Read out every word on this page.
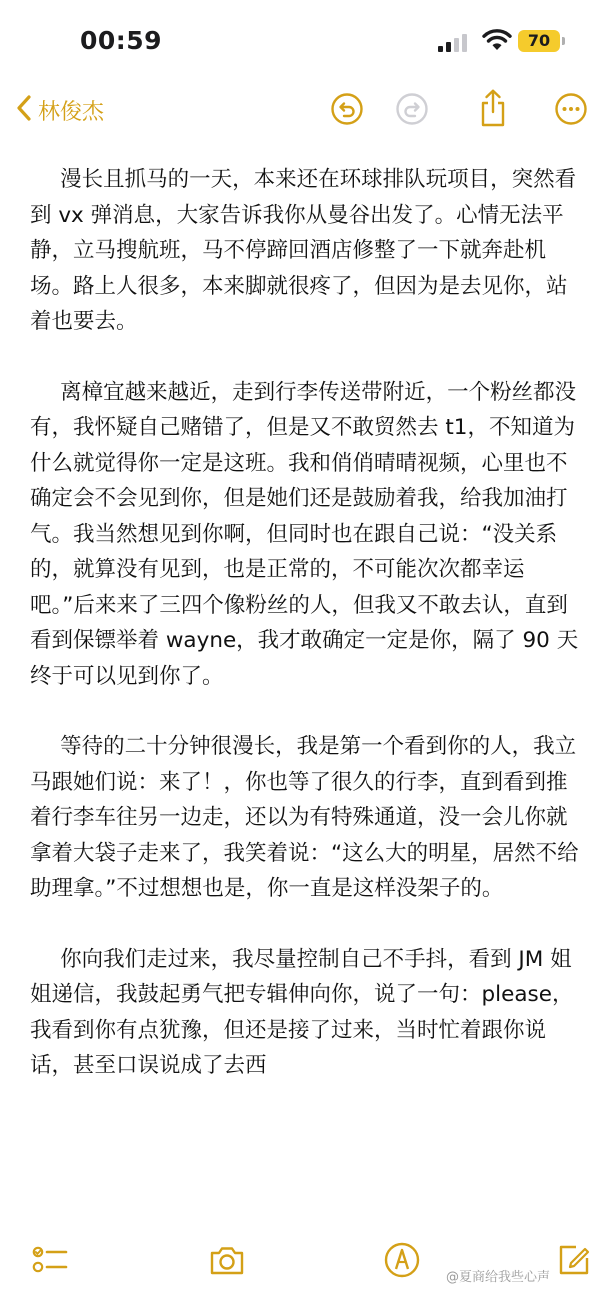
00:59	70
林俊杰

漫长且抓马的一天，本来还在环球排队玩项目，突然看到 vx 弹消息，大家告诉我你从曼谷出发了。心情无法平静，立马搜航班，马不停蹄回酒店修整了一下就奔赴机场。路上人很多，本来脚就很疼了，但因为是去见你，站着也要去。

离樟宜越来越近，走到行李传送带附近，一个粉丝都没有，我怀疑自己赌错了，但是又不敢贸然去 t1，不知道为什么就觉得你一定是这班。我和俏俏晴晴视频，心里也不确定会不会见到你，但是她们还是鼓励着我，给我加油打气。我当然想见到你啊，但同时也在跟自己说：“没关系的，就算没有见到，也是正常的，不可能次次都幸运吧。”后来来了三四个像粉丝的人，但我又不敢去认，直到看到保镖举着 wayne，我才敢确定一定是你，隔了 90 天终于可以见到你了。

等待的二十分钟很漫长，我是第一个看到你的人，我立马跟她们说：来了！，你也等了很久的行李，直到看到推着行李车往另一边走，还以为有特殊通道，没一会儿你就拿着大袋子走来了，我笑着说：“这么大的明星，居然不给助理拿。”不过想想也是，你一直是这样没架子的。

你向我们走过来，我尽量控制自己不手抖，看到 JM 姐姐递信，我鼓起勇气把专辑伸向你，说了一句：please，我看到你有点犹豫，但还是接了过来，当时忙着跟你说话，甚至口误说成了去西

@夏商给我些心声
